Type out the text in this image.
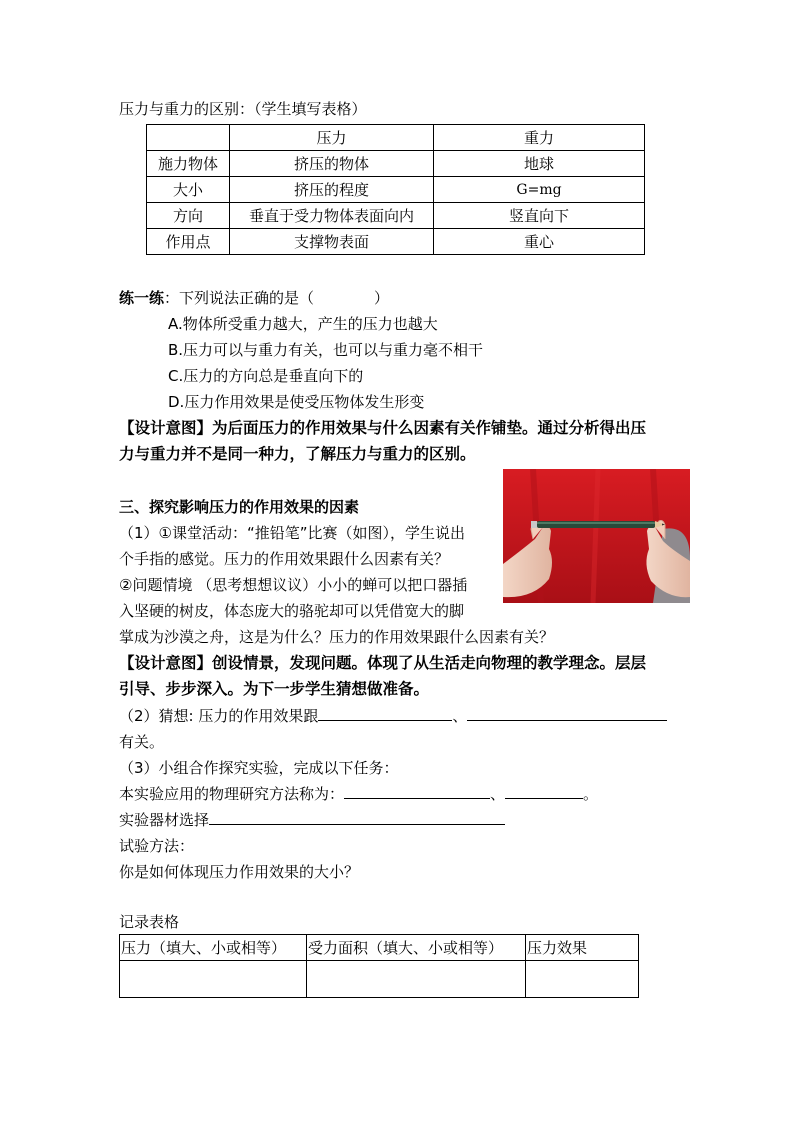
压力与重力的区别：（学生填写表格）
	压力	重力
施力物体	挤压的物体	地球
大小	挤压的程度	G=mg
方向	垂直于受力物体表面向内	竖直向下
作用点	支撑物表面	重心
练一练：下列说法正确的是（　　　　）
A.物体所受重力越大，产生的压力也越大
B.压力可以与重力有关，也可以与重力毫不相干
C.压力的方向总是垂直向下的
D.压力作用效果是使受压物体发生形变
【设计意图】为后面压力的作用效果与什么因素有关作铺垫。通过分析得出压
力与重力并不是同一种力，了解压力与重力的区别。
三、探究影响压力的作用效果的因素
（1）①课堂活动：“推铅笔”比赛（如图），学生说出
个手指的感觉。压力的作用效果跟什么因素有关？
②问题情境 （思考想想议议）小小的蝉可以把口器插
入坚硬的树皮，体态庞大的骆驼却可以凭借宽大的脚
掌成为沙漠之舟，这是为什么？压力的作用效果跟什么因素有关？
【设计意图】创设情景，发现问题。体现了从生活走向物理的教学理念。层层
引导、步步深入。为下一步学生猜想做准备。
（2）猜想: 压力的作用效果跟	、
有关。
（3）小组合作探究实验，完成以下任务：
本实验应用的物理研究方法称为：	、	。
实验器材选择
试验方法：
你是如何体现压力作用效果的大小？
记录表格
压力（填大、小或相等）	受力面积（填大、小或相等）	压力效果
